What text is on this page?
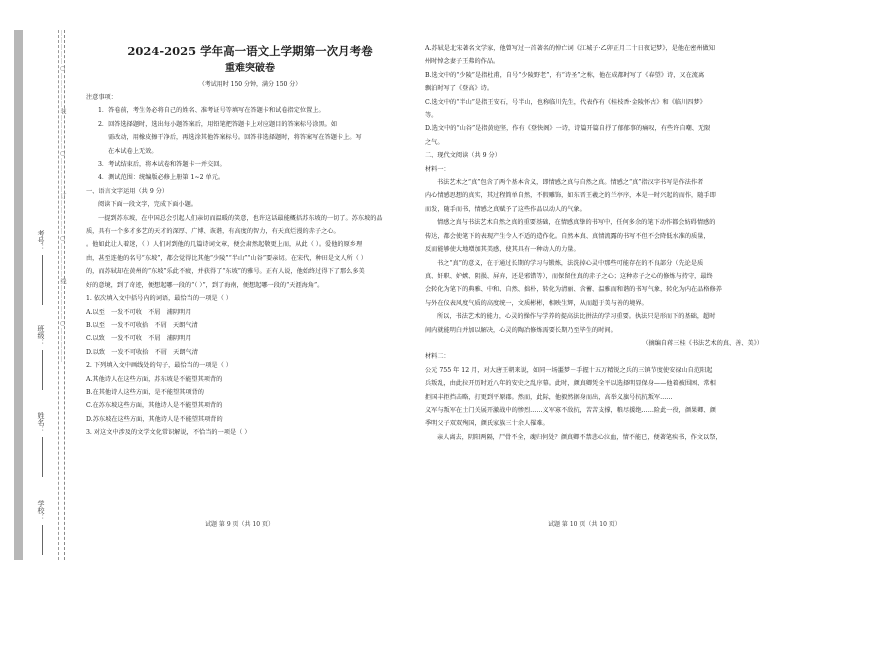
……………○……………装……………○……………订……………○……………线……………○……………
考号：
班级：
姓名：
学校：
2024-2025 学年高一语文上学期第一次月考卷
重难突破卷
（考试用时 150 分钟，满分 150 分）
注意事项：
1．答卷前，考生务必将自己的姓名、准考证号等填写在答题卡和试卷指定位置上。
2．回答选择题时，选出每小题答案后，用铅笔把答题卡上对应题目的答案标号涂黑。如
需改动，用橡皮擦干净后，再选涂其他答案标号。回答非选择题时，将答案写在答题卡上。写
在本试卷上无效。
3．考试结束后，将本试卷和答题卡一并交回。
4．测试范围：统编版必修上册第 1~2 单元。
一、语言文字运用（共 9 分）
阅读下面一段文字，完成下面小题。
一提到苏东坡，在中国总会引起人们亲切而温暖的笑意，也许这话最能概括苏东坡的一切了。苏东坡的品
质，具有一个多才多艺的天才的深厚、广博、诙谐，有高度的智力，有天真烂漫的赤子之心。
。他如此让人着迷，（ ）人们对到他的几篇诗词文章，便会肃然起敬更上而，从此（ ）。爱他的原乡理
由，甚至连他的名号“东坡”，都会觉得比其他“少陵”“半山”“山谷”要亲切。在宋代，种田是文人所（ ）
的，而苏轼却在黄州的“东坡”乐此不疲，并获得了“东坡”的雅号。正有人说，他始终过得下了那么多美
好的意境，到了奇迹，便想起哪一段的“（ ）”，到了海南，便想起哪一段的“天涯海角”。
1. 依次填入文中括号内的词语，最恰当的一项是（ ）
A.以至　一发不可收　不屑　浦阴明月
B.以至　一发不可收拾　不屑　天朗气清
C.以致　一发不可收　不屑　浦阴明月
D.以致　一发不可收拾　不屑　天朗气清
2. 下列填入文中画线处的句子，最恰当的一项是（ ）
A.其他诗人在这些方面，苏东坡是不能望其项背的
B.在其他诗人这些方面，是不能望其项背的
C.在苏东坡这些方面，其他诗人是不能望其项背的
D.苏东坡在这些方面，其他诗人是不能望其项背的
3. 对这文中涉及的文学文化常识解说，不恰当的一项是（ ）
A.苏轼是北宋著名文学家，他曾写过一首著名的悼亡词《江城子·乙卯正月二十日夜记梦》，是他在密州做知
州时悼念妻子王弗的作品。
B.选文中的“少陵”是指杜甫，自号“少陵野老”，有“诗圣”之称，他在成都时写了《春望》诗，又在流离
飘泊时写了《登高》诗。
C.选文中的“半山”是指王安石，号半山，也称临川先生，代表作有《桂枝香·金陵怀古》和《临川四梦》
等。
D.选文中的“山谷”是指黄庭坚，作有《登快阁》一诗，诗篇开篇自抒了郁郁事的痛叹，有些许自嘲、无限
之气。
二、现代文阅读（共 9 分）
材料一：
书法艺术之“真”包含了两个基本含义，即情感之真与自然之真。情感之“真”指汉字书写是作法作者
内心情感思想的真实，其过程简单自然，不假雕饰，如东晋王羲之的兰亭序，本是一时兴起的而作，随手即
而发，随手而书，情感之真赋予了这些作品以动人的气象。
情感之真与书法艺术自然之真的重要基础，在情感真挚的书写中，任何多余的笔下动作都会妨碍情感的
传达，都会使笔下的表现产生令人不适的造作化。自然本真、真情流露的书写不但不会降低水准的质量，
反而能够使大地增加其美感，使其具有一种动人的力量。
书之“真”的意义，在于通过长期的学习与锻炼，法洗掉心灵中那些可能存在的不良部分（先论是质
真、奸职、妒嫉、阴损、屏弃，还是邪错等），而保留住真的赤子之心；这种赤子之心的修炼与持守，最终
会转化为笔下的典雅、中和、自然、拙朴，转化为清丽、含蓄、温雅而和谐的书写气象，转化为内在品格修养
与外在仪表风度气质的高度统一，文质彬彬，相映生辉，从而超于美与善的境界。
所以，书法艺术的能力，心灵的操作与学养的提高法比拼法的学习重要。执法只是形而下的基础，超时
间内就能明白并加以解决，心灵的陶冶修炼需要长期乃至毕生的时间。
（摘编自蒋三桂《书法艺术的真、善、美》）
材料二：
公元 755 年 12 月，对大唐王朝来说，如同一场噩梦－手握十五万精锐之兵的三镇节度使安禄山自范阳起
兵叛乱，由此拉开历时近八年的安史之乱序幕。此时，颜真卿凭全平以选择明显保身——他着被围困、常相
拒国丰拒挡击略，打更到平原郡。然而，此际，他毅然据身而出，高举义旗号抗抗叛军……
义军与叛军在土门关展开激战中的惨烈……义军寡不敌抗，苦苦支撑，粮尽援绝……险此一役，颜果卿、颜
季明父子双双殉国，颜氏家族三十余人罹难。
亲人离去，阴阳两隔，尸骨不全，魂归何处？颜真卿不禁悲心泣血，情不能已，便著笔疾书，作文以祭，
试题 第 9 页（共 10 页）	试题 第 10 页（共 10 页）
